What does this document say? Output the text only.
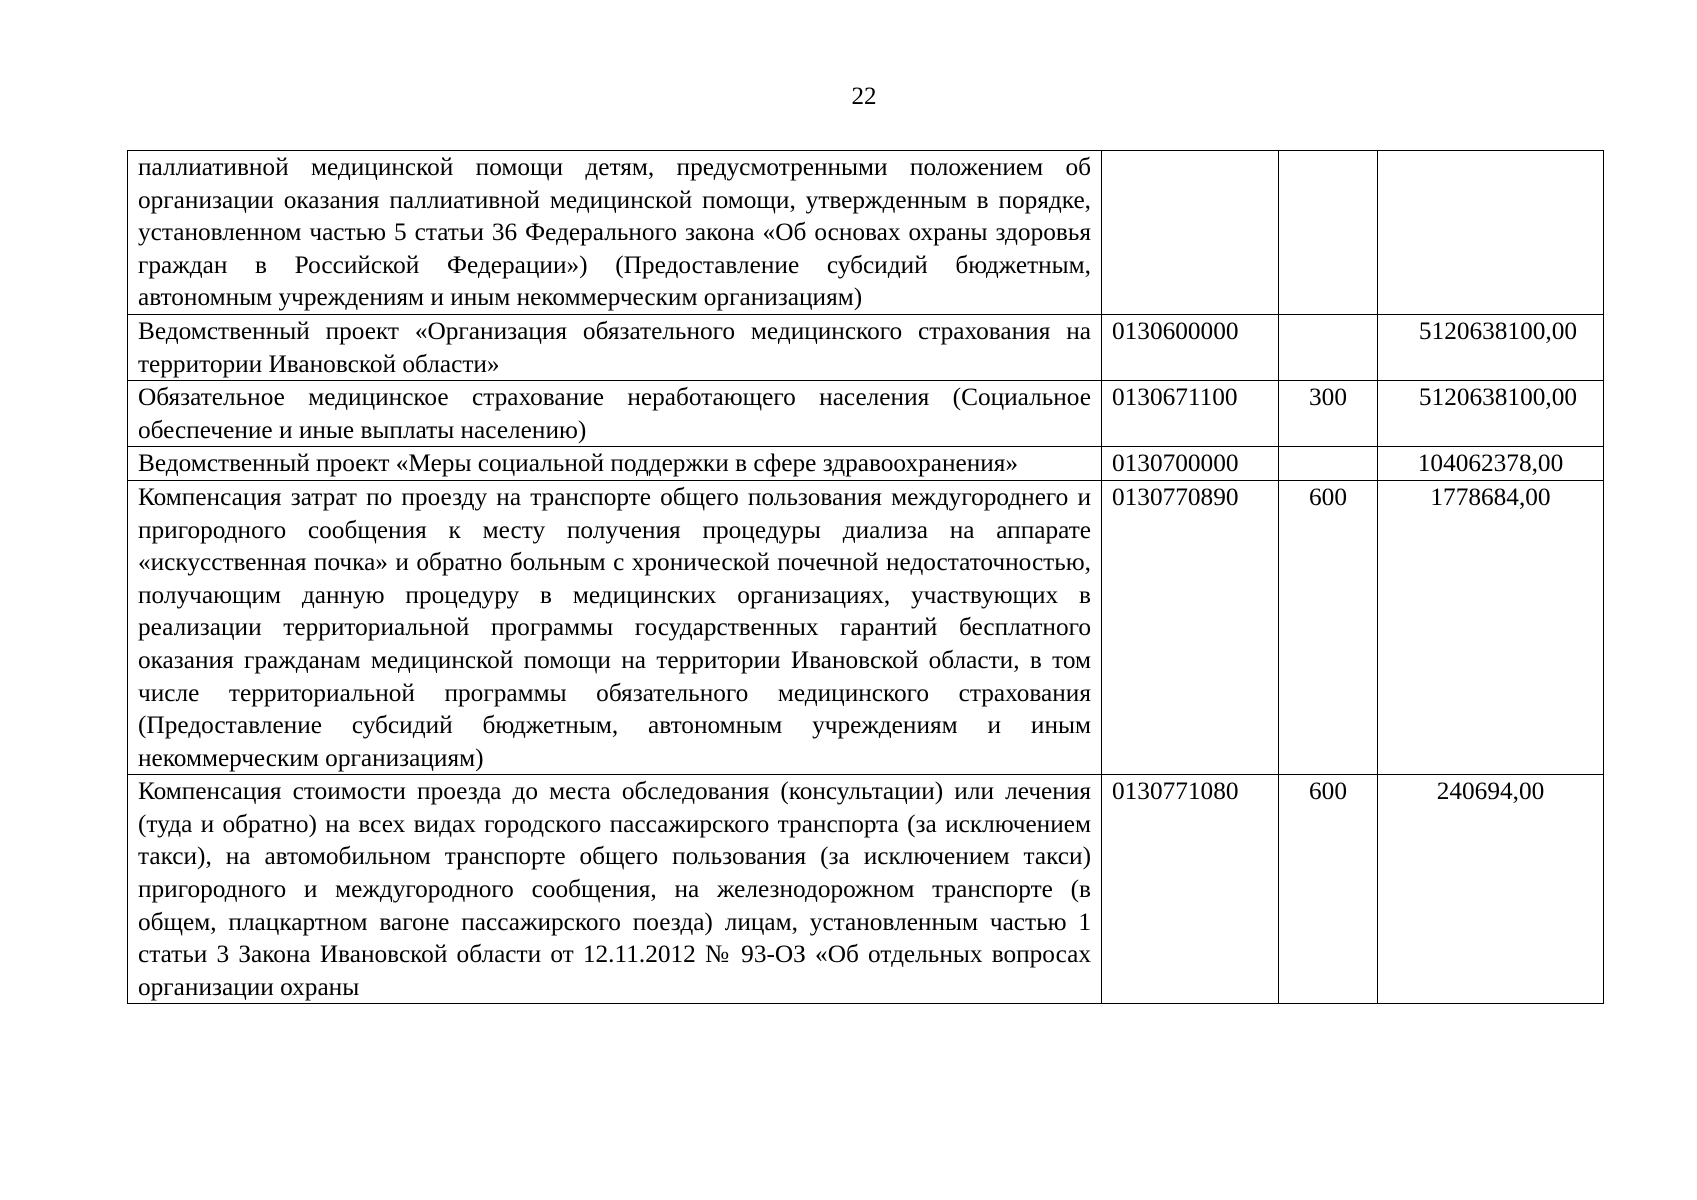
22
паллиативной медицинской помощи детям, предусмотренными положением об организации оказания паллиативной медицинской помощи, утвержденным в порядке, установленном частью 5 статьи 36 Федерального закона «Об основах охраны здоровья граждан в Российской Федерации») (Предоставление субсидий бюджетным, автономным учреждениям и иным некоммерческим организациям)			
Ведомственный проект «Организация обязательного медицинского страхования на территории Ивановской области»	0130600000		5120638100,00
Обязательное медицинское страхование неработающего населения (Социальное обеспечение и иные выплаты населению)	0130671100	300	5120638100,00
Ведомственный проект «Меры социальной поддержки в сфере здравоохранения»	0130700000		104062378,00
Компенсация затрат по проезду на транспорте общего пользования междугороднего и пригородного сообщения к месту получения процедуры диализа на аппарате «искусственная почка» и обратно больным с хронической почечной недостаточностью, получающим данную процедуру в медицинских организациях, участвующих в реализации территориальной программы государственных гарантий бесплатного оказания гражданам медицинской помощи на территории Ивановской области, в том числе территориальной программы обязательного медицинского страхования (Предоставление субсидий бюджетным, автономным учреждениям и иным некоммерческим организациям)	0130770890	600	1778684,00
Компенсация стоимости проезда до места обследования (консультации) или лечения (туда и обратно) на всех видах городского пассажирского транспорта (за исключением такси), на автомобильном транспорте общего пользования (за исключением такси) пригородного и междугородного сообщения, на железнодорожном транспорте (в общем, плацкартном вагоне пассажирского поезда) лицам, установленным частью 1 статьи 3 Закона Ивановской области от 12.11.2012 № 93-ОЗ «Об отдельных вопросах организации охраны	0130771080	600	240694,00
